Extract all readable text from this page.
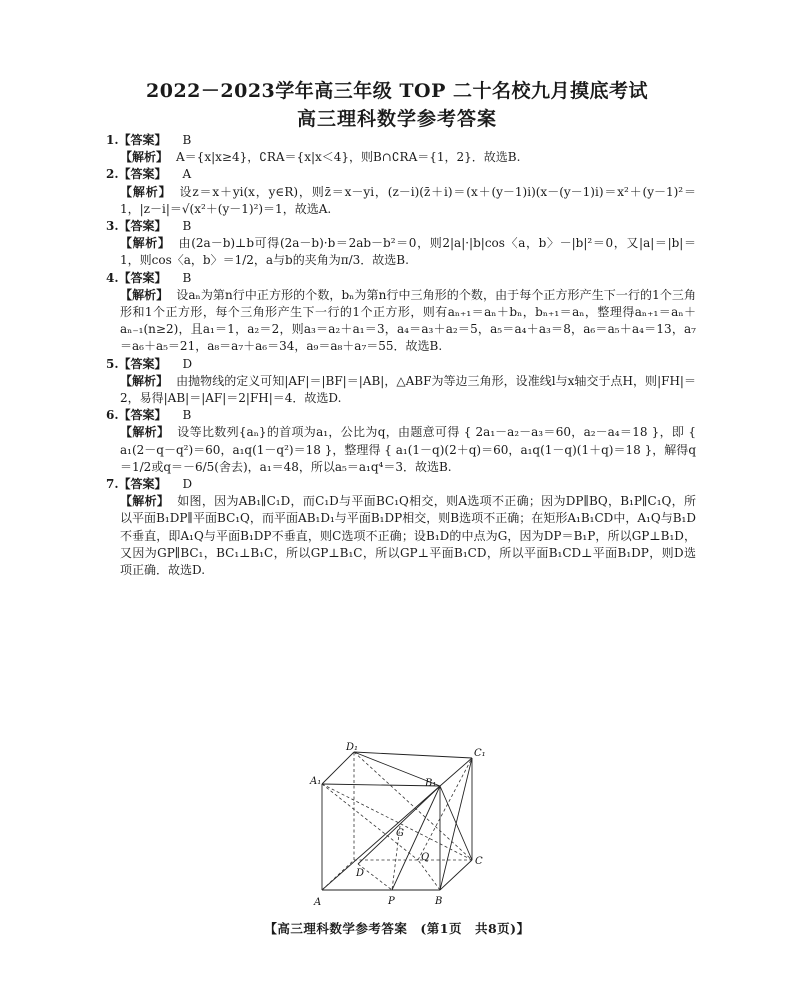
2022－2023学年高三年级 TOP 二十名校九月摸底考试
高三理科数学参考答案
1.【答案】 B
【解析】 A＝{x|x≥4}，∁RA＝{x|x＜4}，则B∩∁RA＝{1，2}．故选B.
2.【答案】 A
【解析】 设z＝x＋yi(x，y∈R)，则z̄＝x－yi，(z－i)(z̄＋i)＝(x＋(y－1)i)(x－(y－1)i)＝x²＋(y－1)²＝1，|z－i|＝√(x²＋(y－1)²)＝1，故选A.
3.【答案】 B
【解析】 由(2a－b)⊥b可得(2a－b)·b＝2ab－b²＝0，则2|a|·|b|cos〈a，b〉－|b|²＝0，又|a|＝|b|＝1，则cos〈a，b〉＝1/2，a与b的夹角为π/3．故选B.
4.【答案】 B
【解析】 设aₙ为第n行中正方形的个数，bₙ为第n行中三角形的个数，由于每个正方形产生下一行的1个三角形和1个正方形，每个三角形产生下一行的1个正方形，则有aₙ₊₁＝aₙ＋bₙ，bₙ₊₁＝aₙ，整理得aₙ₊₁＝aₙ＋aₙ₋₁(n≥2)，且a₁＝1，a₂＝2，则a₃＝a₂＋a₁＝3，a₄＝a₃＋a₂＝5，a₅＝a₄＋a₃＝8，a₆＝a₅＋a₄＝13，a₇＝a₆＋a₅＝21，a₈＝a₇＋a₆＝34，a₉＝a₈＋a₇＝55．故选B.
5.【答案】 D
【解析】 由抛物线的定义可知|AF|＝|BF|＝|AB|，△ABF为等边三角形，设准线l与x轴交于点H，则|FH|＝2，易得|AB|＝|AF|＝2|FH|＝4．故选D.
6.【答案】 B
【解析】 设等比数列{aₙ}的首项为a₁，公比为q，由题意可得 { 2a₁－a₂－a₃＝60，a₂－a₄＝18 }，即 { a₁(2－q－q²)＝60，a₁q(1－q²)＝18 }，整理得 { a₁(1－q)(2＋q)＝60，a₁q(1－q)(1＋q)＝18 }，解得q＝1/2或q＝－6/5(舍去)，a₁＝48，所以a₅＝a₁q⁴＝3．故选B.
7.【答案】 D
【解析】 如图，因为AB₁∥C₁D，而C₁D与平面BC₁Q相交，则A选项不正确；因为DP∥BQ，B₁P∥C₁Q，所以平面B₁DP∥平面BC₁Q，而平面AB₁D₁与平面B₁DP相交，则B选项不正确；在矩形A₁B₁CD中，A₁Q与B₁D不垂直，即A₁Q与平面B₁DP不垂直，则C选项不正确；设B₁D的中点为G，因为DP＝B₁P，所以GP⊥B₁D，又因为GP∥BC₁，BC₁⊥B₁C，所以GP⊥B₁C，所以GP⊥平面B₁CD，所以平面B₁CD⊥平面B₁DP，则D选项正确．故选D.
D₁
C₁
A₁	B₁
G
Q
D
C
A	P	B
【高三理科数学参考答案　(第1页　共8页)】
